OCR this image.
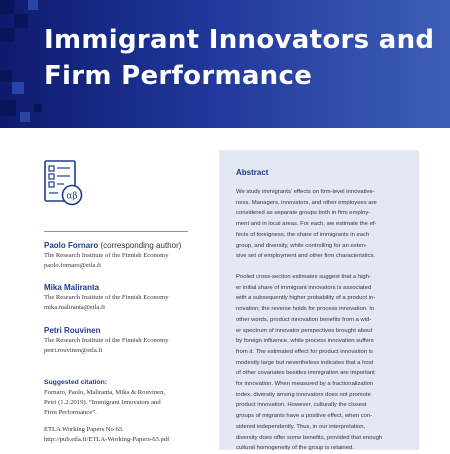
Immigrant Innovators and
Firm Performance
αβ
Paolo Fornaro (corresponding author)
The Research Institute of the Finnish Economy
paolo.fornaro@etla.fi
Mika Maliranta
The Research Institute of the Finnish Economy
mika.maliranta@etla.fi
Petri Rouvinen
The Research Institute of the Finnish Economy
petri.rouvinen@etla.fi
Suggested citation:
Fornaro, Paolo, Maliranta, Mika & Rouvinen,
Petri (1.2.2019). “Immigrant Innovators and
Firm Performance”.
ETLA Working Papers No 63.
http://pub.etla.fi/ETLA-Working-Papers-63.pdf
Abstract

We study immigrants’ effects on firm-level innovative-
ness. Managers, innovators, and other employees are
considered as separate groups both in firm employ-
ment and in local areas. For each, we estimate the ef-
fects of foreigness, the share of immigrants in each
group, and diversity, while controlling for an exten-
sive set of employment and other firm characteristics.

Pooled cross-section estimates suggest that a high-
er initial share of immigrant innovators is associated
with a subsequently higher probability of a product in-
novation; the reverse holds for process innovation. In
other words, product innovation benefits from a wid-
er spectrum of innovator perspectives brought about
by foreign influence, while process innovation suffers
from it. The estimated effect for product innovation is
modestly large but nevertheless indicates that a host
of other covariates besides immigration are important
for innovation. When measured by a fractionalization
index, diversity among innovators does not promote
product innovation. However, culturally the closest
groups of migrants have a positive effect, when con-
sidered independently. Thus, in our interpretation,
diversity does offer some benefits, provided that enough
cultural homogeneity of the group is retained.
